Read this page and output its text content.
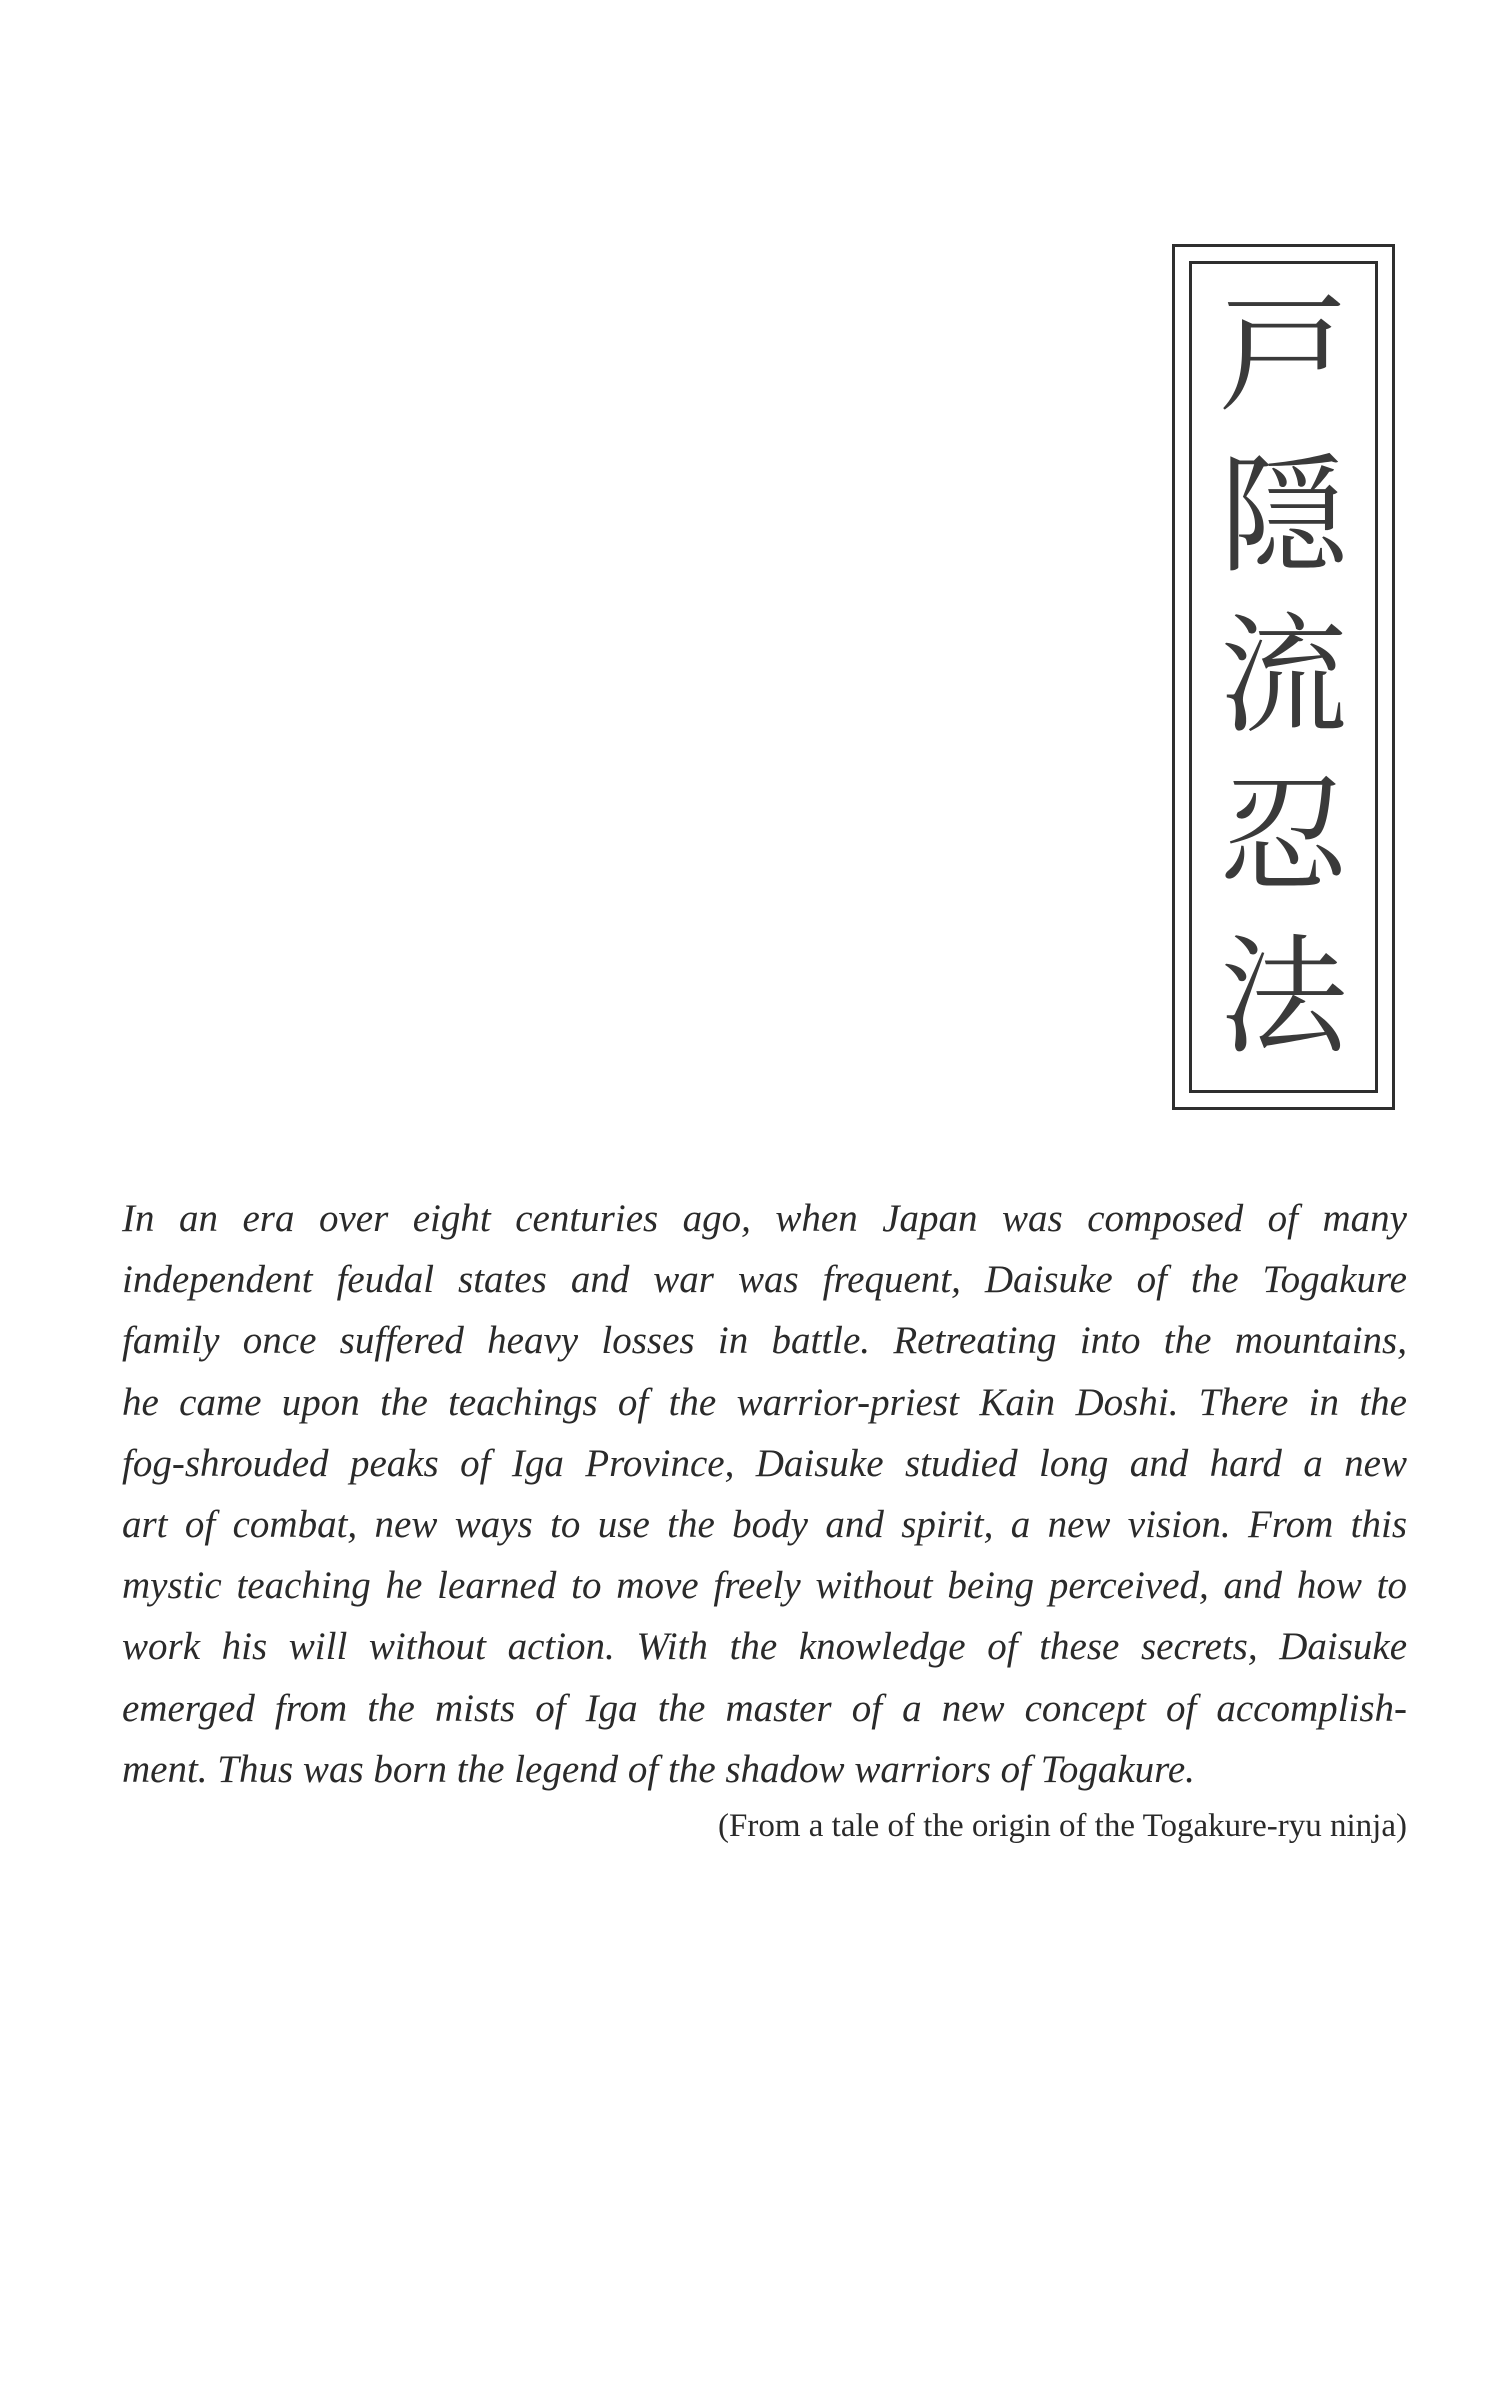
戸
隠
流
忍
法

In an era over eight centuries ago, when Japan was composed of many
independent feudal states and war was frequent, Daisuke of the Togakure
family once suffered heavy losses in battle. Retreating into the mountains,
he came upon the teachings of the warrior-priest Kain Doshi. There in the
fog-shrouded peaks of Iga Province, Daisuke studied long and hard a new
art of combat, new ways to use the body and spirit, a new vision. From this
mystic teaching he learned to move freely without being perceived, and how to
work his will without action. With the knowledge of these secrets, Daisuke
emerged from the mists of Iga the master of a new concept of accomplish-
ment. Thus was born the legend of the shadow warriors of Togakure.

(From a tale of the origin of the Togakure-ryu ninja)
